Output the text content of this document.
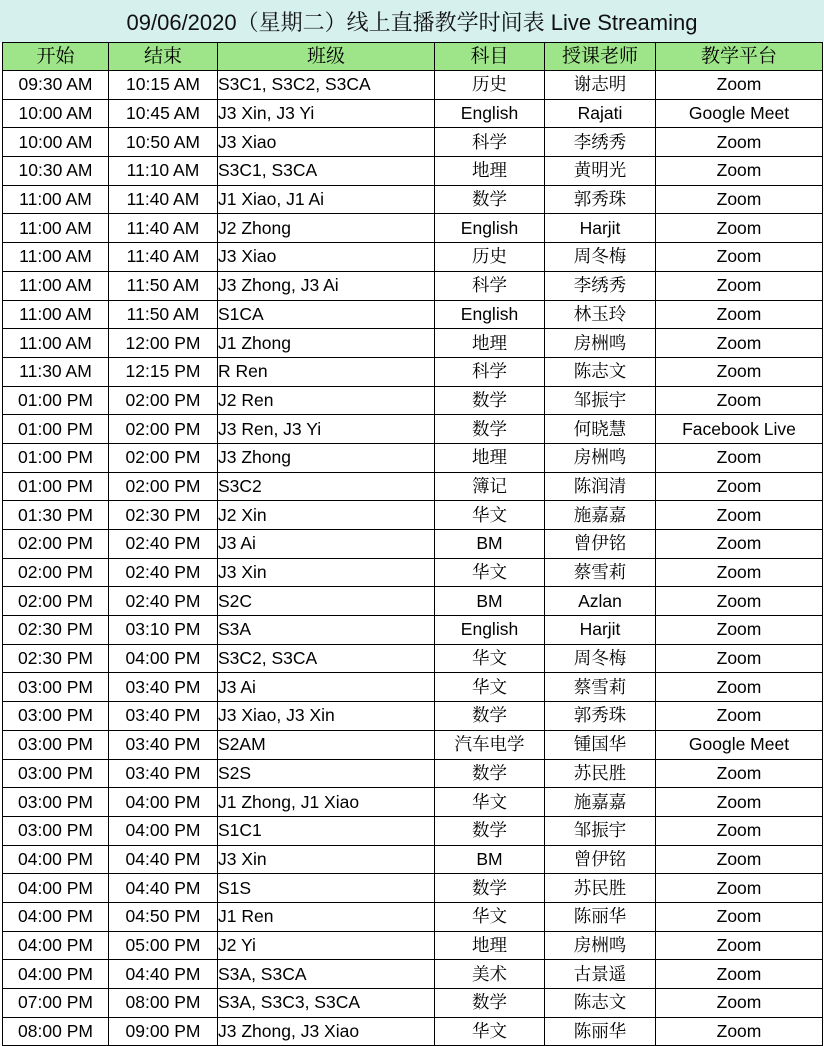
09/06/2020（星期二）线上直播教学时间表 Live Streaming
开始	结束	班级	科目	授课老师	教学平台
09:30 AM	10:15 AM	S3C1, S3C2, S3CA	历史	谢志明	Zoom
10:00 AM	10:45 AM	J3 Xin, J3 Yi	English	Rajati	Google Meet
10:00 AM	10:50 AM	J3 Xiao	科学	李绣秀	Zoom
10:30 AM	11:10 AM	S3C1, S3CA	地理	黄明光	Zoom
11:00 AM	11:40 AM	J1 Xiao, J1 Ai	数学	郭秀珠	Zoom
11:00 AM	11:40 AM	J2 Zhong	English	Harjit	Zoom
11:00 AM	11:40 AM	J3 Xiao	历史	周冬梅	Zoom
11:00 AM	11:50 AM	J3 Zhong, J3 Ai	科学	李绣秀	Zoom
11:00 AM	11:50 AM	S1CA	English	林玉玲	Zoom
11:00 AM	12:00 PM	J1 Zhong	地理	房栦鸣	Zoom
11:30 AM	12:15 PM	R Ren	科学	陈志文	Zoom
01:00 PM	02:00 PM	J2 Ren	数学	邹振宇	Zoom
01:00 PM	02:00 PM	J3 Ren, J3 Yi	数学	何晓慧	Facebook Live
01:00 PM	02:00 PM	J3 Zhong	地理	房栦鸣	Zoom
01:00 PM	02:00 PM	S3C2	簿记	陈润清	Zoom
01:30 PM	02:30 PM	J2 Xin	华文	施嘉嘉	Zoom
02:00 PM	02:40 PM	J3 Ai	BM	曾伊铭	Zoom
02:00 PM	02:40 PM	J3 Xin	华文	蔡雪莉	Zoom
02:00 PM	02:40 PM	S2C	BM	Azlan	Zoom
02:30 PM	03:10 PM	S3A	English	Harjit	Zoom
02:30 PM	04:00 PM	S3C2, S3CA	华文	周冬梅	Zoom
03:00 PM	03:40 PM	J3 Ai	华文	蔡雪莉	Zoom
03:00 PM	03:40 PM	J3 Xiao, J3 Xin	数学	郭秀珠	Zoom
03:00 PM	03:40 PM	S2AM	汽车电学	锺国华	Google Meet
03:00 PM	03:40 PM	S2S	数学	苏民胜	Zoom
03:00 PM	04:00 PM	J1 Zhong, J1 Xiao	华文	施嘉嘉	Zoom
03:00 PM	04:00 PM	S1C1	数学	邹振宇	Zoom
04:00 PM	04:40 PM	J3 Xin	BM	曾伊铭	Zoom
04:00 PM	04:40 PM	S1S	数学	苏民胜	Zoom
04:00 PM	04:50 PM	J1 Ren	华文	陈丽华	Zoom
04:00 PM	05:00 PM	J2 Yi	地理	房栦鸣	Zoom
04:00 PM	04:40 PM	S3A, S3CA	美术	古景遥	Zoom
07:00 PM	08:00 PM	S3A, S3C3, S3CA	数学	陈志文	Zoom
08:00 PM	09:00 PM	J3 Zhong, J3 Xiao	华文	陈丽华	Zoom
